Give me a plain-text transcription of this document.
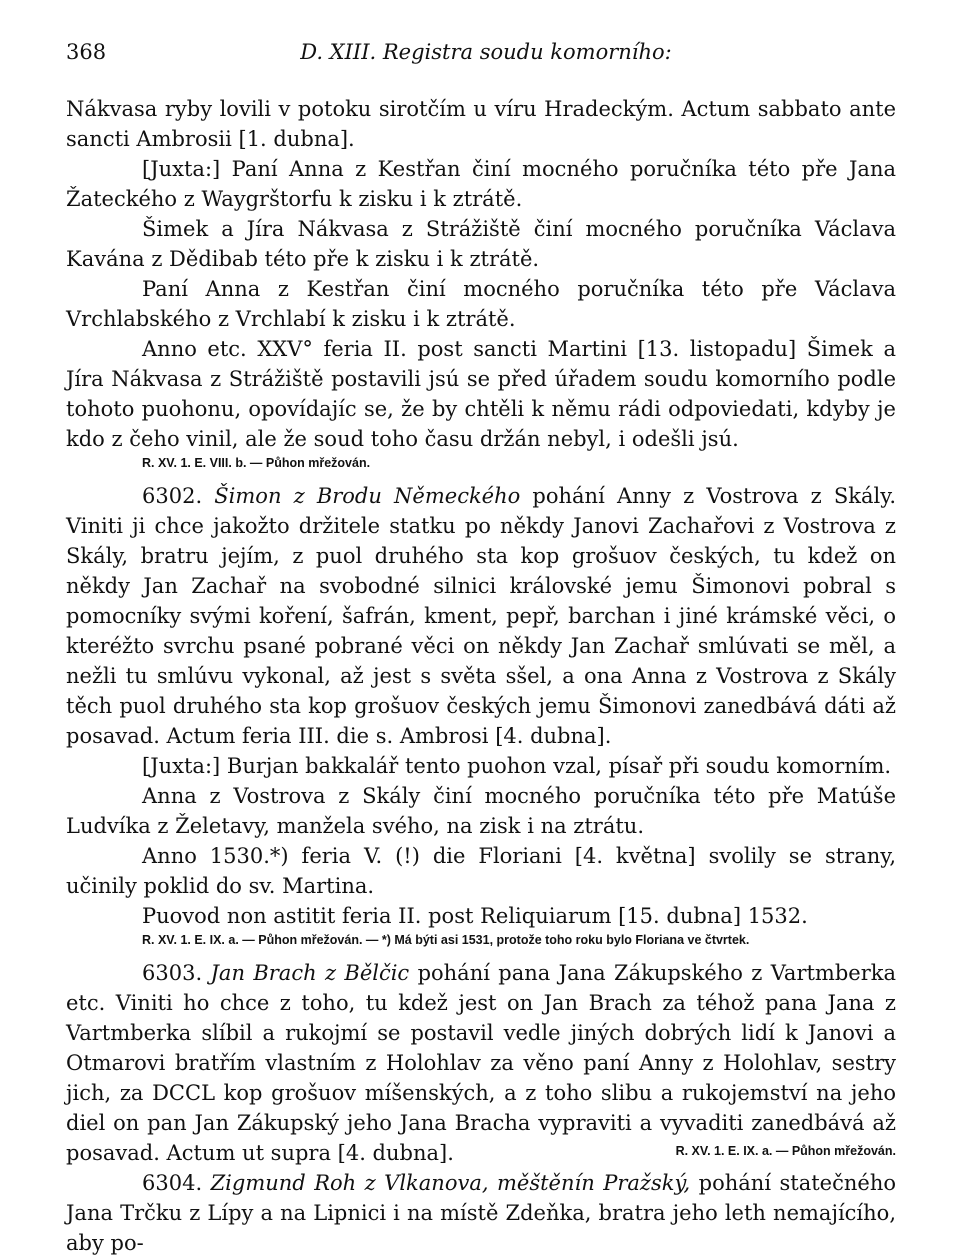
368	D. XIII. Registra soudu komorního:

Nákvasa ryby lovili v potoku sirotčím u víru Hradeckým. Actum sabbato ante sancti Ambrosii [1. dubna].

[Juxta:] Paní Anna z Kestřan činí mocného poručníka této pře Jana Žateckého z Waygrštorfu k zisku i k ztrátě.

Šimek a Jíra Nákvasa z Strážiště činí mocného poručníka Václava Kavána z Dědibab této pře k zisku i k ztrátě.

Paní Anna z Kestřan činí mocného poručníka této pře Václava Vrchlabského z Vrchlabí k zisku i k ztrátě.

Anno etc. XXV° feria II. post sancti Martini [13. listopadu] Šimek a Jíra Nákvasa z Strážiště postavili jsú se před úřadem soudu komorního podle tohoto puohonu, opovídajíc se, že by chtěli k němu rádi odpoviedati, kdyby je kdo z čeho vinil, ale že soud toho času držán nebyl, i odešli jsú.

R. XV. 1. E. VIII. b. — Půhon mřežován.

6302. Šimon z Brodu Německého pohání Anny z Vostrova z Skály. Viniti ji chce jakožto držitele statku po někdy Janovi Zachařovi z Vostrova z Skály, bratru jejím, z puol druhého sta kop grošuov českých, tu kdež on někdy Jan Zachař na svobodné silnici královské jemu Šimonovi pobral s pomocníky svými koření, šafrán, kment, pepř, barchan i jiné krámské věci, o kteréžto svrchu psané pobrané věci on někdy Jan Zachař smlúvati se měl, a nežli tu smlúvu vykonal, až jest s světa sšel, a ona Anna z Vostrova z Skály těch puol druhého sta kop grošuov českých jemu Šimonovi zanedbává dáti až posavad. Actum feria III. die s. Ambrosi [4. dubna].

[Juxta:] Burjan bakkalář tento puohon vzal, písař při soudu komorním.

Anna z Vostrova z Skály činí mocného poručníka této pře Matúše Ludvíka z Želetavy, manžela svého, na zisk i na ztrátu.

Anno 1530.*) feria V. (!) die Floriani [4. května] svolily se strany, učinily poklid do sv. Martina.

Puovod non astitit feria II. post Reliquiarum [15. dubna] 1532.

R. XV. 1. E. IX. a. — Půhon mřežován. — *) Má býti asi 1531, protože toho roku bylo Floriana ve čtvrtek.

6303. Jan Brach z Bělčic pohání pana Jana Zákupského z Vartmberka etc. Viniti ho chce z toho, tu kdež jest on Jan Brach za téhož pana Jana z Vartmberka slíbil a rukojmí se postavil vedle jiných dobrých lidí k Janovi a Otmarovi bratřím vlastním z Holohlav za věno paní Anny z Holohlav, sestry jich, za DCCL kop grošuov míšenských, a z toho slibu a rukojemství na jeho diel on pan Jan Zákupský jeho Jana Bracha vypraviti a vyvaditi zanedbává až posavad. Actum ut supra [4. dubna].	R. XV. 1. E. IX. a. — Půhon mřežován.

6304. Zigmund Roh z Vlkanova, měštěnín Pražský, pohání statečného Jana Trčku z Lípy a na Lipnici i na místě Zdeňka, bratra jeho leth nemajícího, aby po-
